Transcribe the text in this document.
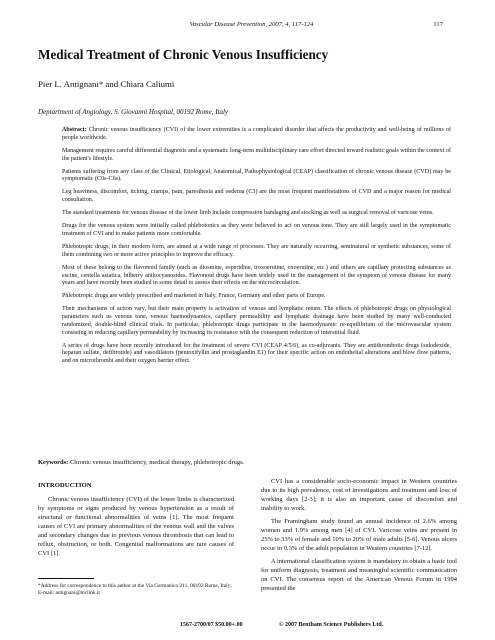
Vascular Disease Prevention, 2007, 4, 117-124	117
Medical Treatment of Chronic Venous Insufficiency
Pier L. Antignani* and Chiara Caliumi
Deptartment of Angiology, S. Giovanni Hospital, 00192 Rome, Italy

Abstract: Chronic venous insufficiency (CVI) of the lower extremities is a complicated disorder that affects the productivity and well-being of millions of people worldwide.

Management requires careful differential diagnosis and a systematic long-term multidisciplinary care effort directed toward realistic goals within the context of the patient's lifestyle.

Patients suffering from any class of the Clinical, Etiological, Anatomical, Pathophysiological (CEAP) classification of chronic venous disease (CVD) may be symptomatic (C0s-C6s).

Leg heaviness, discomfort, itching, cramps, pain, paresthesia and oedema (C3) are the most frequent manifestations of CVD and a major reason for medical consultation.

The standard treatments for venous disease of the lower limb include compression bandaging and stocking as well as surgical removal of varicose veins.

Drugs for the venous system were initially called phlebotonics as they were believed to act on venous tone. They are still largely used in the symptomatic treatment of CVI and to make patients more comfortable.

Phlebotropic drugs, in their modern form, are aimed at a wide range of processes. They are naturally occurring, seminatural or synthetic substances, some of them combining two or more active principles to improve the efficacy.

Most of these belong to the flavonoid family (such as diosmine, esperidine, troxoerutine, oxoerutine, etc.) and others are capillary protecting substances as escine, centella asiatica, bilberry anthocyanosides. Flavonoid drugs have been widely used in the management of the symptom of venous disease for many years and have recently been studied in some detail to assess their effects on the microcirculation.

Phlebotropic drugs are widely prescribed and marketed in Italy, France, Germany and other parts of Europe.

Their mechanisms of action vary, but their main property is activation of venous and lymphatic return. The effects of phlebotropic drugs on physiological parameters such us venous tone, venous haemodynamics, capillary permeability and lymphatic drainage have been studied by many well-conducted randomized, double-blind clinical trials. In particular, phlebotropic drugs participate in the haemodynamic re-equilibrium of the microvascular system consisting in reducing capillary permeability by increasing its resistance with the consequent reduction of interstitial fluid.

A series of drugs have been recently introduced for the treatment of severe CVI (CEAP 4/5/6), as co-adjuvants. They are antithrombotic drugs (sulodexide, heparan sulfate, defibrotide) and vasodilators (pentoxifyllin and prostaglandin E1) for their specific action on endothelial alterations and blow flow patterns, and on microthrombi and their oxygen barrier effect.

Keywords: Chronic venous insufficiency, medical therapy, phlebotropic drugs.
INTRODUCTION

Chronic venous insufficiency (CVI) of the lower limbs is characterized by symptoms or signs produced by venous hypertension as a result of structural or functional abnormalities of veins [1]. The most frequent causes of CVI are primary abnormalities of the venous wall and the valves and secondary changes due to previous venous thrombosis that can lead to reflux, obstruction, or both. Congenital malformations are rare causes of CVI [1].

CVI has a considerable socio-economic impact in Western countries due to its high prevalence, cost of investigations and treatment and loss of working days [2-3]; it is also an important cause of discomfort and inability to work.

The Framingham study found an annual incidence of 2.6% among women and 1.9% among men [4] of CVI. Varicose veins are present in 25% to 33% of female and 10% to 20% of male adults [5-6]. Venous ulcers occur in 0.3% of the adult population in Western countries [7-12].

A international classification system is mandatory to obtain a basic tool for uniform diagnosis, treatment and meaningful scientific communication on CVI. The consensus report of the American Venous Forum in 1994 presented the

*Address for correspondence to this author at the Via Germanico 211, 00192 Rome, Italy; E-mail: antignani@mclink.it
1567-2700/07 $50.00+.00	© 2007 Bentham Science Publishers Ltd.
